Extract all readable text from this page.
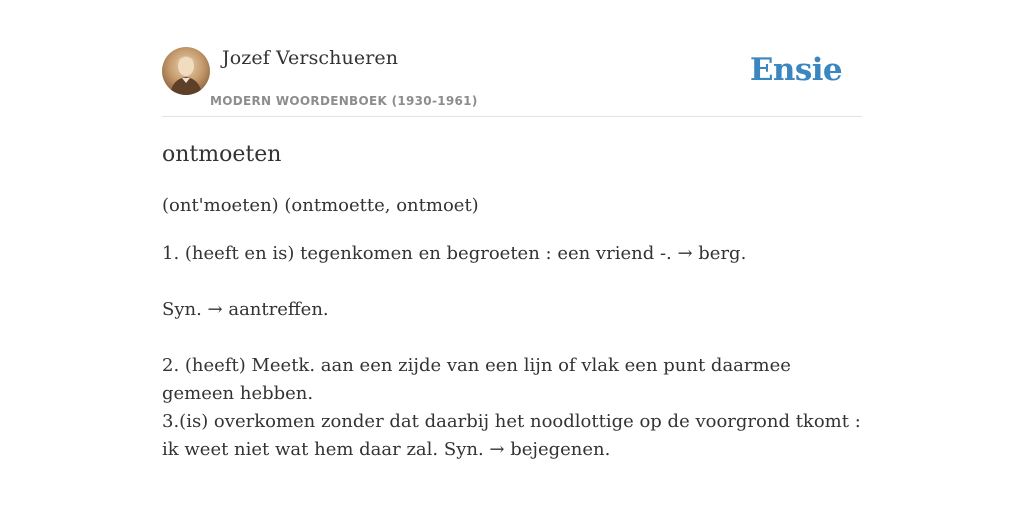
Jozef Verschueren
MODERN WOORDENBOEK (1930-1961)
Ensie
ontmoeten
(ont'moeten) (ontmoette, ontmoet)

1. (heeft en is) tegenkomen en begroeten : een vriend -. → berg.

Syn. → aantreffen.

2. (heeft) Meetk. aan een zijde van een lijn of vlak een punt daarmee gemeen hebben.

3.(is) overkomen zonder dat daarbij het noodlottige op de voorgrond tkomt : ik weet niet wat hem daar zal. Syn. → bejegenen.
